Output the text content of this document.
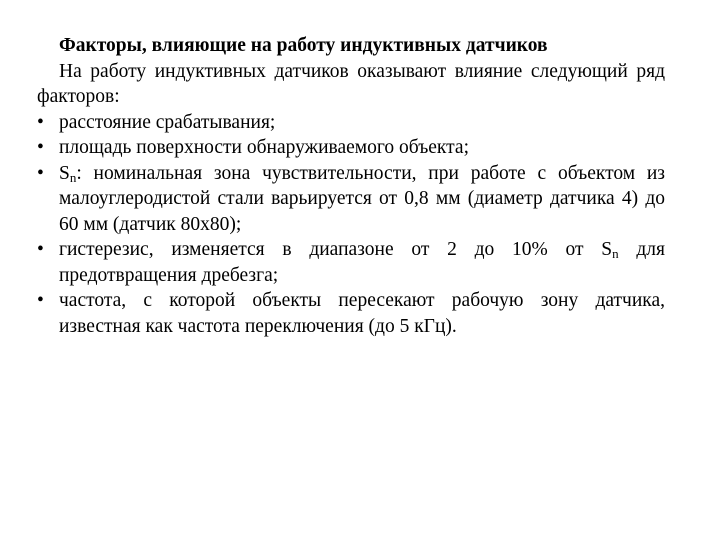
Факторы, влияющие на работу индуктивных датчиков

На работу индуктивных датчиков оказывают влияние следующий ряд факторов:

• расстояние срабатывания;
• площадь поверхности обнаруживаемого объекта;
• $S_n$: номинальная зона чувствительности, при работе с объектом из малоуглеродистой стали варьируется от 0,8 мм (диаметр датчика 4) до 60 мм (датчик 80х80);
• гистерезис, изменяется в диапазоне от 2 до 10% от $S_n$ для предотвращения дребезга;
• частота, с которой объекты пересекают рабочую зону датчика, известная как частота переключения (до 5 кГц).
